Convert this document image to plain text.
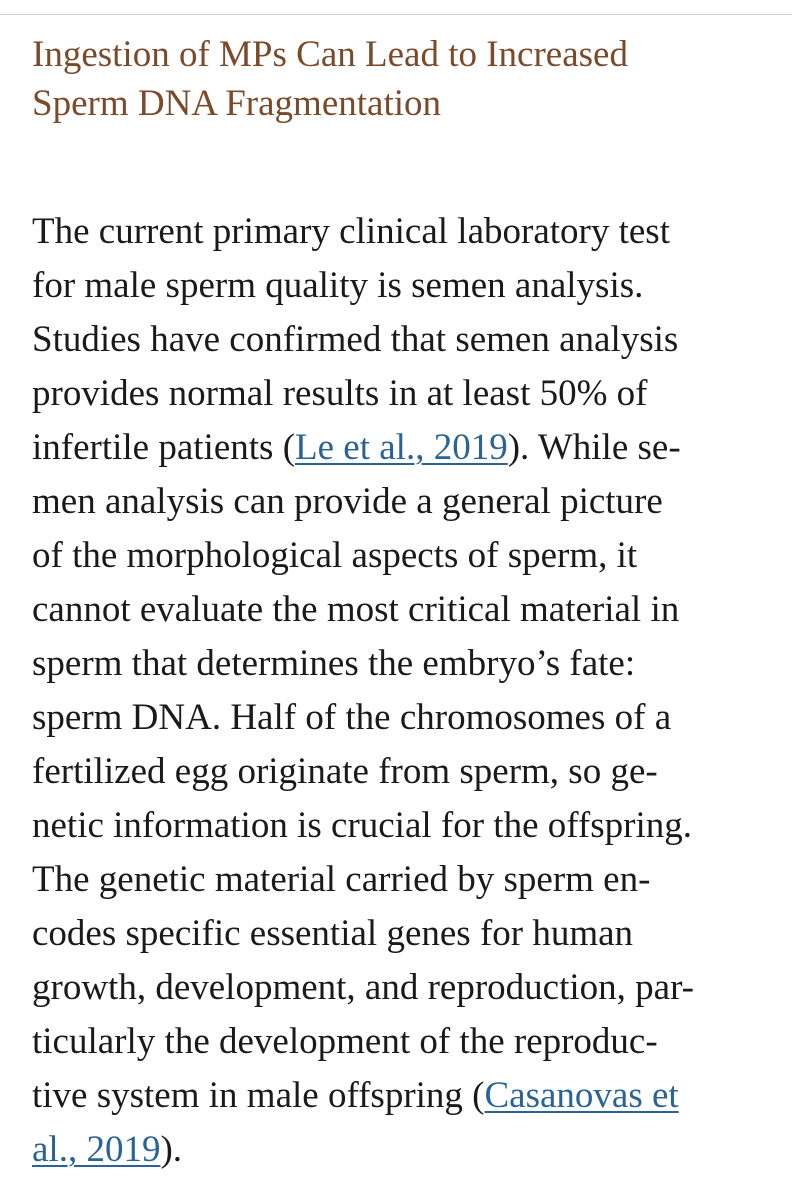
Ingestion of MPs Can Lead to Increased
Sperm DNA Fragmentation
The current primary clinical laboratory test
for male sperm quality is semen analysis.
Studies have confirmed that semen analysis
provides normal results in at least 50% of
infertile patients (Le et al., 2019). While se-
men analysis can provide a general picture
of the morphological aspects of sperm, it
cannot evaluate the most critical material in
sperm that determines the embryo’s fate:
sperm DNA. Half of the chromosomes of a
fertilized egg originate from sperm, so ge-
netic information is crucial for the offspring.
The genetic material carried by sperm en-
codes specific essential genes for human
growth, development, and reproduction, par-
ticularly the development of the reproduc-
tive system in male offspring (Casanovas et
al., 2019).
